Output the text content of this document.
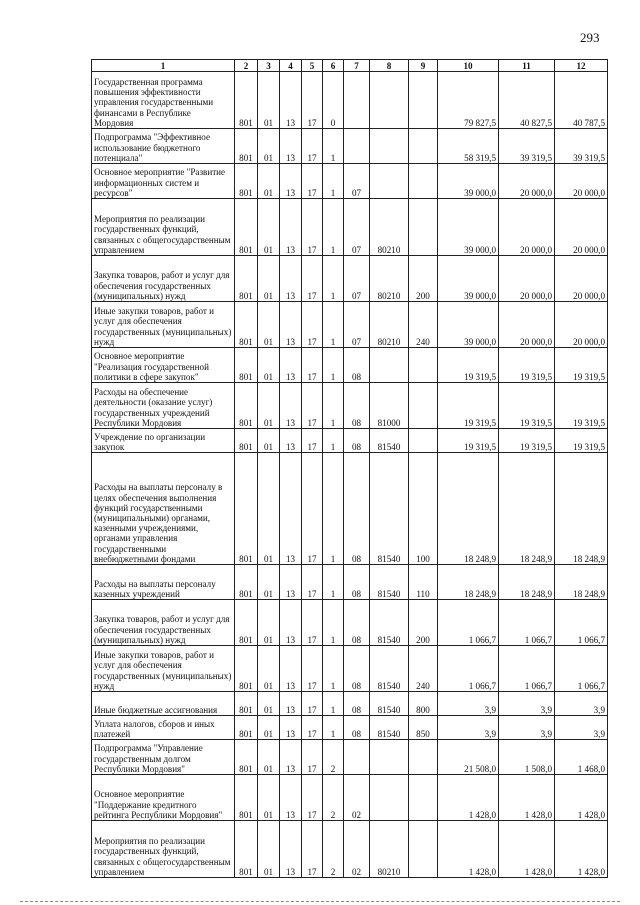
293
1	2	3	4	5	6	7	8	9	10	11	12
Государственная программа повышения эффективности управления государственными финансами в Республике Мордовия	801	01	13	17	0				79 827,5	40 827,5	40 787,5
Подпрограмма "Эффективное использование бюджетного потенциала"	801	01	13	17	1				58 319,5	39 319,5	39 319,5
Основное мероприятие "Развитие информационных систем и ресурсов"	801	01	13	17	1	07			39 000,0	20 000,0	20 000,0
Мероприятия по реализации государственных функций, связанных с общегосударственным управлением	801	01	13	17	1	07	80210		39 000,0	20 000,0	20 000,0
Закупка товаров, работ и услуг для обеспечения государственных (муниципальных) нужд	801	01	13	17	1	07	80210	200	39 000,0	20 000,0	20 000,0
Иные закупки товаров, работ и услуг для обеспечения государственных (муниципальных) нужд	801	01	13	17	1	07	80210	240	39 000,0	20 000,0	20 000,0
Основное мероприятие "Реализация государственной политики в сфере закупок"	801	01	13	17	1	08			19 319,5	19 319,5	19 319,5
Расходы на обеспечение деятельности (оказание услуг) государственных учреждений Республики Мордовия	801	01	13	17	1	08	81000		19 319,5	19 319,5	19 319,5
Учреждение по организации закупок	801	01	13	17	1	08	81540		19 319,5	19 319,5	19 319,5
Расходы на выплаты персоналу в целях обеспечения выполнения функций государственными (муниципальными) органами, казенными учреждениями, органами управления государственными внебюджетными фондами	801	01	13	17	1	08	81540	100	18 248,9	18 248,9	18 248,9
Расходы на выплаты персоналу казенных учреждений	801	01	13	17	1	08	81540	110	18 248,9	18 248,9	18 248,9
Закупка товаров, работ и услуг для обеспечения государственных (муниципальных) нужд	801	01	13	17	1	08	81540	200	1 066,7	1 066,7	1 066,7
Иные закупки товаров, работ и услуг для обеспечения государственных (муниципальных) нужд	801	01	13	17	1	08	81540	240	1 066,7	1 066,7	1 066,7
Иные бюджетные ассигнования	801	01	13	17	1	08	81540	800	3,9	3,9	3,9
Уплата налогов, сборов и иных платежей	801	01	13	17	1	08	81540	850	3,9	3,9	3,9
Подпрограмма "Управление государственным долгом Республики Мордовия"	801	01	13	17	2				21 508,0	1 508,0	1 468,0
Основное мероприятие "Поддержание кредитного рейтинга Республики Мордовия"	801	01	13	17	2	02			1 428,0	1 428,0	1 428,0
Мероприятия по реализации государственных функций, связанных с общегосударственным управлением	801	01	13	17	2	02	80210		1 428,0	1 428,0	1 428,0
